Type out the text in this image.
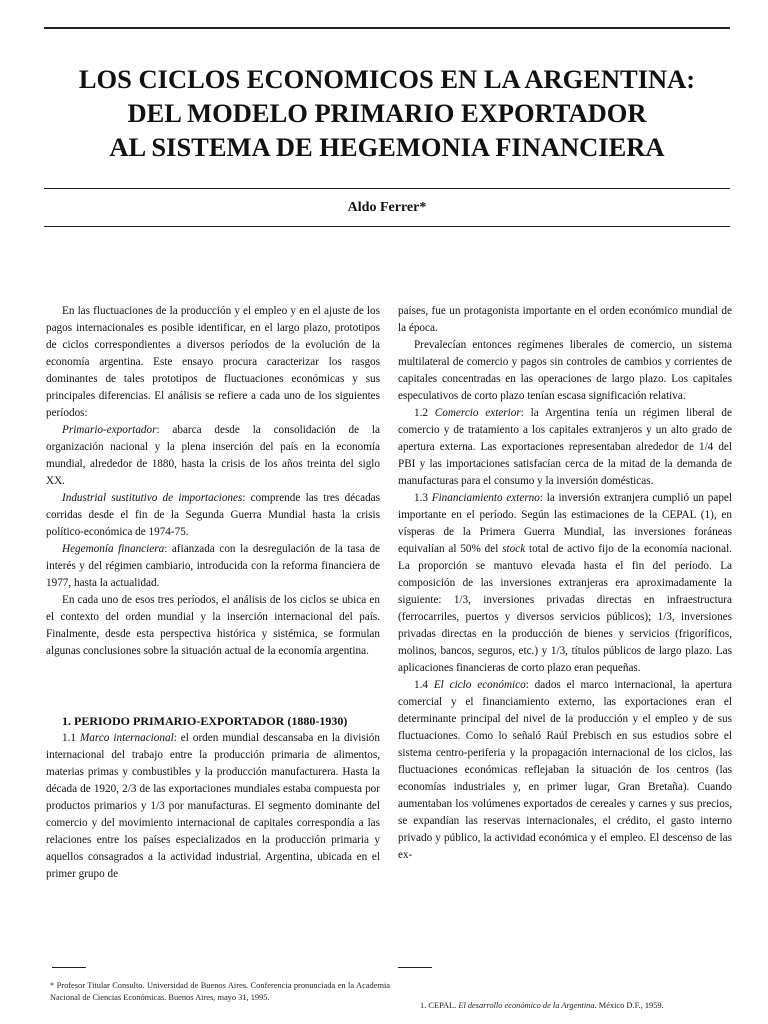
LOS CICLOS ECONOMICOS EN LA ARGENTINA:
DEL MODELO PRIMARIO EXPORTADOR
AL SISTEMA DE HEGEMONIA FINANCIERA
Aldo Ferrer*

En las fluctuaciones de la producción y el empleo y en el ajuste de los pagos internacionales es posible identificar, en el largo plazo, prototipos de ciclos correspondientes a diversos períodos de la evolución de la economía argentina. Este ensayo procura caracterizar los rasgos dominantes de tales prototipos de fluctuaciones económicas y sus principales diferencias. El análisis se refiere a cada uno de los siguientes períodos:

Primario-exportador: abarca desde la consolidación de la organización nacional y la plena inserción del país en la economía mundial, alrededor de 1880, hasta la crisis de los años treinta del siglo XX.

Industrial sustitutivo de importaciones: comprende las tres décadas corridas desde el fin de la Segunda Guerra Mundial hasta la crisis político-económica de 1974-75.

Hegemonía financiera: afianzada con la desregulación de la tasa de interés y del régimen cambiario, introducida con la reforma financiera de 1977, hasta la actualidad.

En cada uno de esos tres períodos, el análisis de los ciclos se ubica en el contexto del orden mundial y la inserción internacional del país. Finalmente, desde esta perspectiva histórica y sistémica, se formulan algunas conclusiones sobre la situación actual de la economía argentina.

1. PERIODO PRIMARIO-EXPORTADOR (1880-1930)

1.1 Marco internacional: el orden mundial descansaba en la división internacional del trabajo entre la producción primaria de alimentos, materias primas y combustibles y la producción manufacturera. Hasta la década de 1920, 2/3 de las exportaciones mundiales estaba compuesta por productos primarios y 1/3 por manufacturas. El segmento dominante del comercio y del movimiento internacional de capitales correspondía a las relaciones entre los países especializados en la producción primaria y aquellos consagrados a la actividad industrial. Argentina, ubicada en el primer grupo de

países, fue un protagonista importante en el orden económico mundial de la época.

Prevalecían entonces regímenes liberales de comercio, un sistema multilateral de comercio y pagos sin controles de cambios y corrientes de capitales concentradas en las operaciones de largo plazo. Los capitales especulativos de corto plazo tenían escasa significación relativa.

1.2 Comercio exterior: la Argentina tenía un régimen liberal de comercio y de tratamiento a los capitales extranjeros y un alto grado de apertura externa. Las exportaciones representaban alrededor de 1/4 del PBI y las importaciones satisfacían cerca de la mitad de la demanda de manufacturas para el consumo y la inversión domésticas.

1.3 Financiamiento externo: la inversión extranjera cumplió un papel importante en el período. Según las estimaciones de la CEPAL (1), en vísperas de la Primera Guerra Mundial, las inversiones foráneas equivalían al 50% del stock total de activo fijo de la economía nacional. La proporción se mantuvo elevada hasta el fin del período. La composición de las inversiones extranjeras era aproximadamente la siguiente: 1/3, inversiones privadas directas en infraestructura (ferrocarriles, puertos y diversos servicios públicos); 1/3, inversiones privadas directas en la producción de bienes y servicios (frigoríficos, molinos, bancos, seguros, etc.) y 1/3, títulos públicos de largo plazo. Las aplicaciones financieras de corto plazo eran pequeñas.

1.4 El ciclo económico: dados el marco internacional, la apertura comercial y el financiamiento externo, las exportaciones eran el determinante principal del nivel de la producción y el empleo y de sus fluctuaciones. Como lo señaló Raúl Prebisch en sus estudios sobre el sistema centro-periferia y la propagación internacional de los ciclos, las fluctuaciones económicas reflejaban la situación de los centros (las economías industriales y, en primer lugar, Gran Bretaña). Cuando aumentaban los volúmenes exportados de cereales y carnes y sus precios, se expandían las reservas internacionales, el crédito, el gasto interno privado y público, la actividad económica y el empleo. El descenso de las ex-

* Profesor Titular Consulto. Universidad de Buenos Aires. Conferencia pronunciada en la Academia Nacional de Ciencias Económicas. Buenos Aires, mayo 31, 1995.
1. CEPAL. El desarrollo económico de la Argentina. México D.F., 1959.
